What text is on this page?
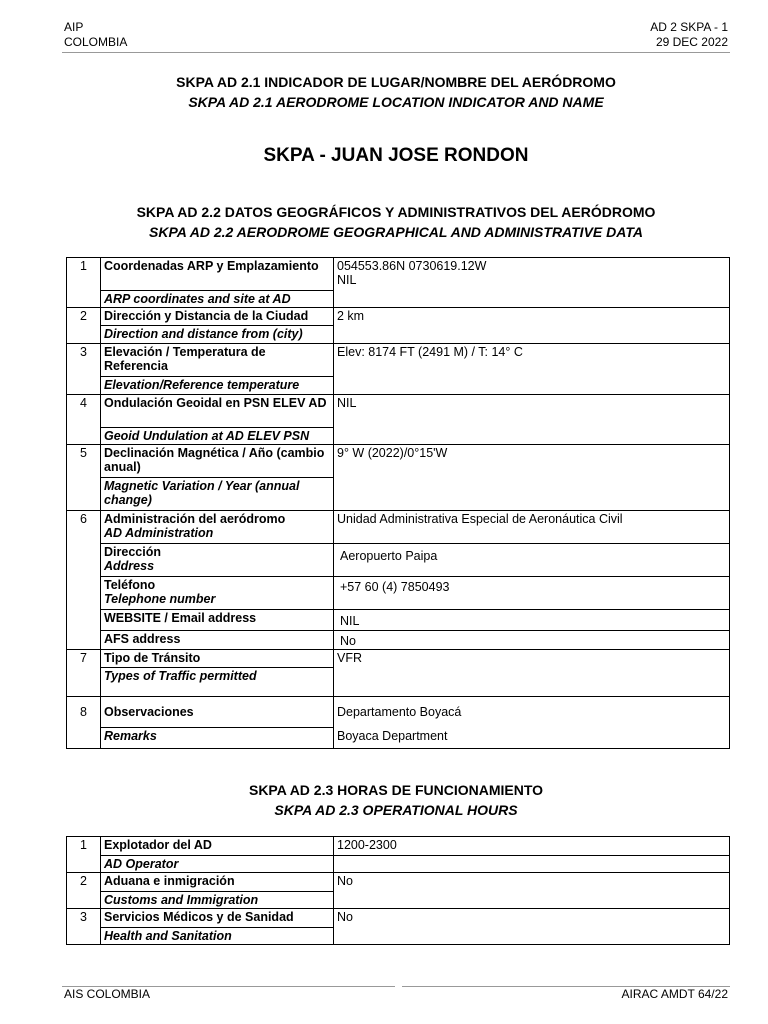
AIP
COLOMBIA
AD 2 SKPA - 1
29 DEC 2022
SKPA AD 2.1 INDICADOR DE LUGAR/NOMBRE DEL AERÓDROMO
SKPA AD 2.1 AERODROME LOCATION INDICATOR AND NAME
SKPA - JUAN JOSE RONDON
SKPA AD 2.2 DATOS GEOGRÁFICOS Y ADMINISTRATIVOS DEL AERÓDROMO
SKPA AD 2.2 AERODROME GEOGRAPHICAL AND ADMINISTRATIVE DATA
1	Coordenadas ARP y Emplazamiento	054553.86N 0730619.12W
NIL

	ARP coordinates and site at AD	
2	Dirección y Distancia de la Ciudad	2 km
	Direction and distance from (city)	
3	Elevación / Temperatura de Referencia	Elev: 8174 FT (2491 M) / T: 14° C
	Elevation/Reference temperature	
4	Ondulación Geoidal en PSN ELEV AD	NIL
	Geoid Undulation at AD ELEV PSN	
5	Declinación Magnética / Año (cambio anual)	9° W (2022)/0°15'W
	Magnetic Variation / Year (annual change)	
6	Administración del aeródromo
AD Administration	Unidad Administrativa Especial de Aeronáutica Civil

	Dirección
Address	Aeropuerto Paipa

	Teléfono
Telephone number	+57 60 (4) 7850493
	WEBSITE / Email address	NIL
	AFS address	No
7	Tipo de Tránsito	VFR
	Types of Traffic permitted	
8	Observaciones	Departamento Boyacá
	Remarks	Boyaca Department
SKPA AD 2.3 HORAS DE FUNCIONAMIENTO
SKPA AD 2.3 OPERATIONAL HOURS
1	Explotador del AD	1200-2300
	AD Operator	
2	Aduana e inmigración	No
	Customs and Immigration	
3	Servicios Médicos y de Sanidad	No
	Health and Sanitation	
AIS COLOMBIA	AIRAC AMDT 64/22
